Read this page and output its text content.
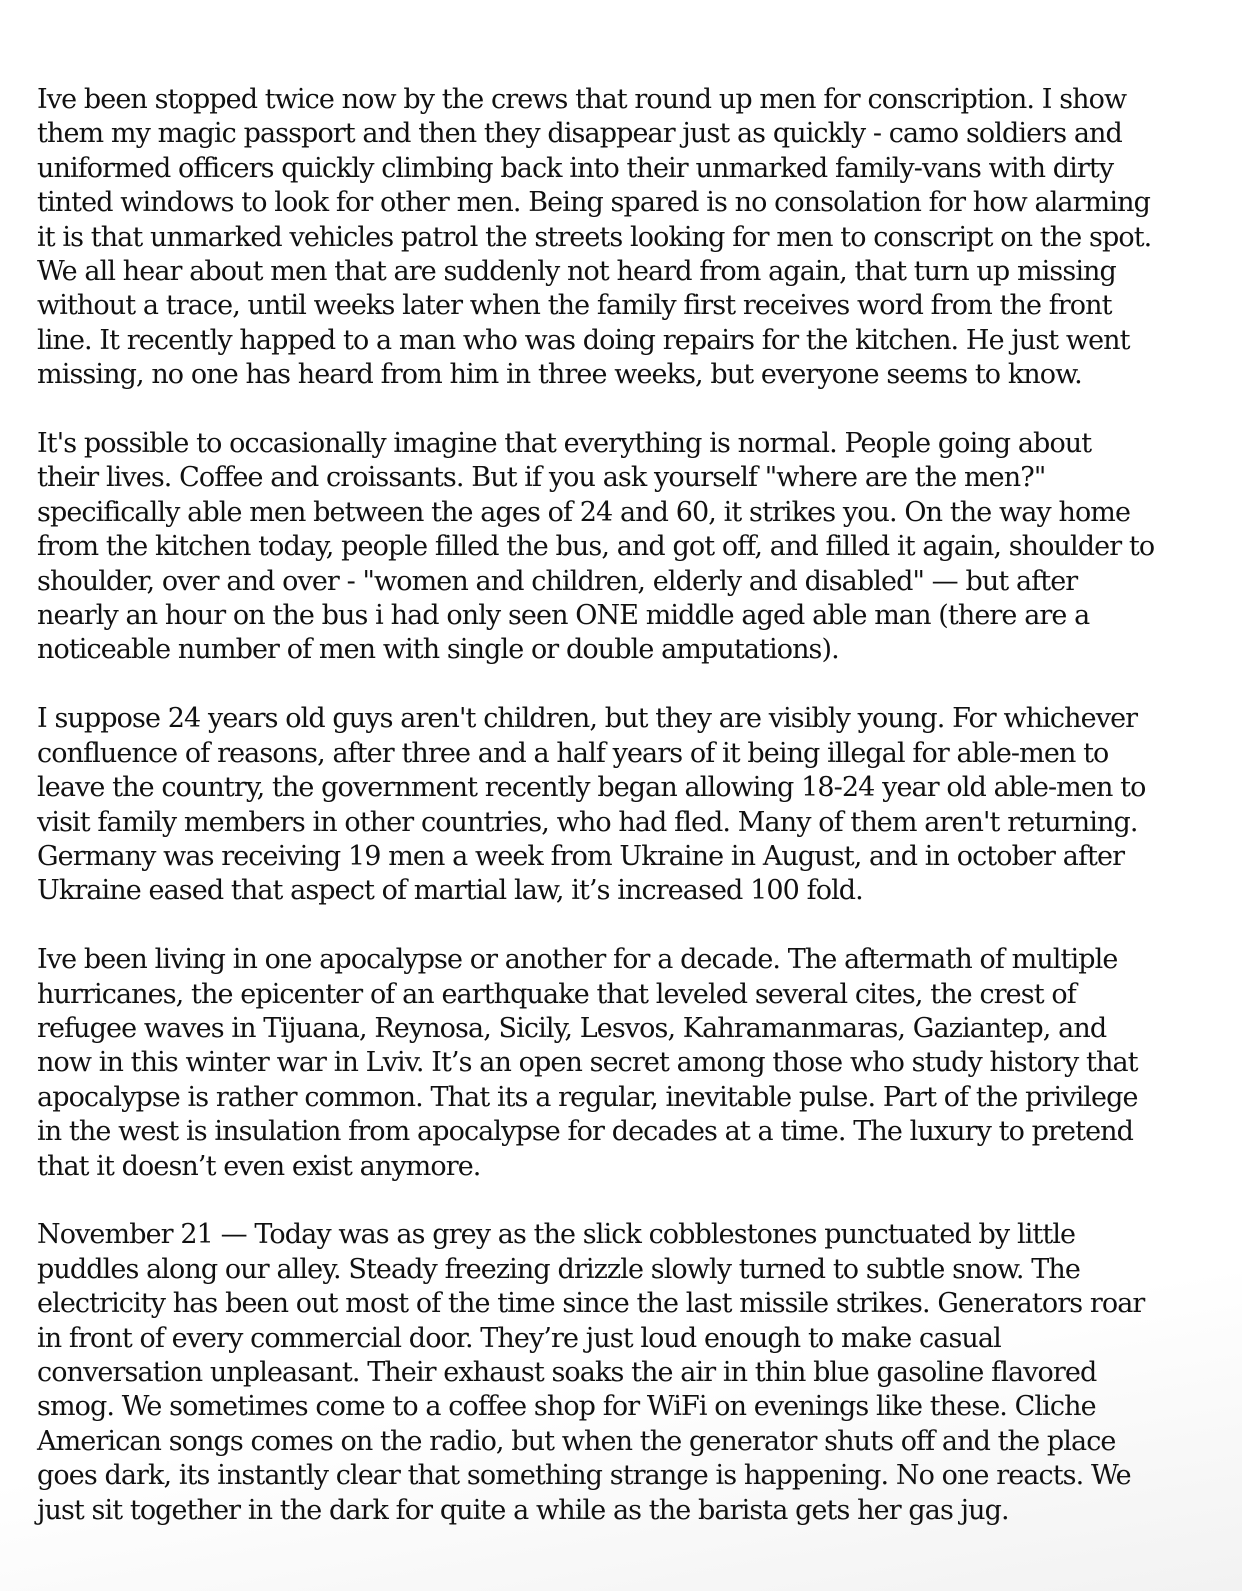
Ive been stopped twice now by the crews that round up men for conscription. I show
them my magic passport and then they disappear just as quickly - camo soldiers and
uniformed officers quickly climbing back into their unmarked family-vans with dirty
tinted windows to look for other men. Being spared is no consolation for how alarming
it is that unmarked vehicles patrol the streets looking for men to conscript on the spot.
We all hear about men that are suddenly not heard from again, that turn up missing
without a trace, until weeks later when the family first receives word from the front
line. It recently happed to a man who was doing repairs for the kitchen. He just went
missing, no one has heard from him in three weeks, but everyone seems to know.

It's possible to occasionally imagine that everything is normal. People going about
their lives. Coffee and croissants. But if you ask yourself "where are the men?"
specifically able men between the ages of 24 and 60, it strikes you. On the way home
from the kitchen today, people filled the bus, and got off, and filled it again, shoulder to
shoulder, over and over - "women and children, elderly and disabled" — but after
nearly an hour on the bus i had only seen ONE middle aged able man (there are a
noticeable number of men with single or double amputations).

I suppose 24 years old guys aren't children, but they are visibly young. For whichever
confluence of reasons, after three and a half years of it being illegal for able-men to
leave the country, the government recently began allowing 18-24 year old able-men to
visit family members in other countries, who had fled. Many of them aren't returning.
Germany was receiving 19 men a week from Ukraine in August, and in october after
Ukraine eased that aspect of martial law, it’s increased 100 fold.

Ive been living in one apocalypse or another for a decade. The aftermath of multiple
hurricanes, the epicenter of an earthquake that leveled several cites, the crest of
refugee waves in Tijuana, Reynosa, Sicily, Lesvos, Kahramanmaras, Gaziantep, and
now in this winter war in Lviv. It’s an open secret among those who study history that
apocalypse is rather common. That its a regular, inevitable pulse. Part of the privilege
in the west is insulation from apocalypse for decades at a time. The luxury to pretend
that it doesn’t even exist anymore.

November 21 — Today was as grey as the slick cobblestones punctuated by little
puddles along our alley. Steady freezing drizzle slowly turned to subtle snow. The
electricity has been out most of the time since the last missile strikes. Generators roar
in front of every commercial door. They’re just loud enough to make casual
conversation unpleasant. Their exhaust soaks the air in thin blue gasoline flavored
smog. We sometimes come to a coffee shop for WiFi on evenings like these. Cliche
American songs comes on the radio, but when the generator shuts off and the place
goes dark, its instantly clear that something strange is happening. No one reacts. We
just sit together in the dark for quite a while as the barista gets her gas jug.
